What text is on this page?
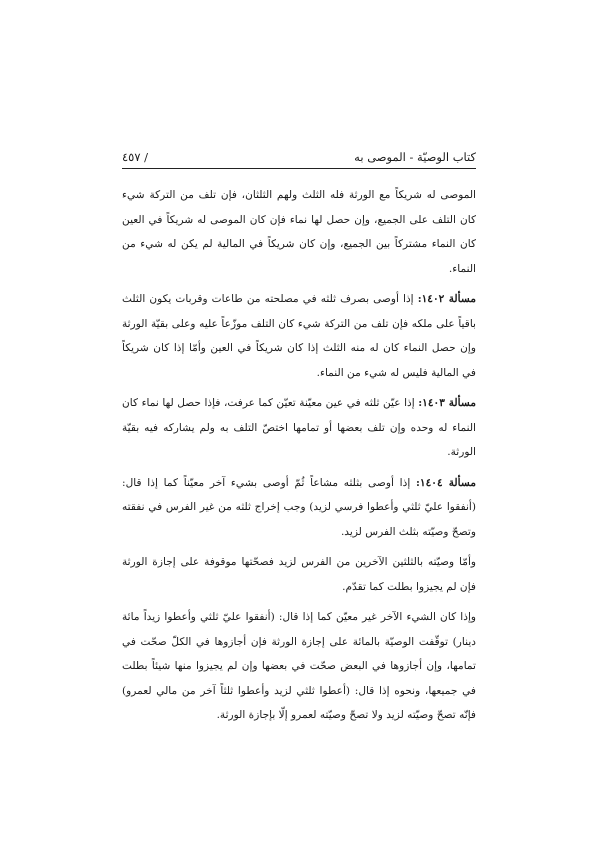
كتاب الوصيّة - الموصى به
/ ٤٥٧

الموصى له شريكاً مع الورثة فله الثلث ولهم الثلثان، فإن تلف من التركة شيء كان التلف على الجميع، وإن حصل لها نماء فإن كان الموصى له شريكاً في العين كان النماء مشتركاً بين الجميع، وإن كان شريكاً في المالية لم يكن له شيء من النماء.

مسألة ١٤٠٢: إذا أوصى بصرف ثلثه في مصلحته من طاعات وقربات يكون الثلث باقياً على ملكه فإن تلف من التركة شيء كان التلف موزّعاً عليه وعلى بقيّة الورثة وإن حصل النماء كان له منه الثلث إذا كان شريكاً في العين وأمّا إذا كان شريكاً في المالية فليس له شيء من النماء.

مسألة ١٤٠٣: إذا عيّن ثلثه في عين معيّنة تعيّن كما عرفت، فإذا حصل لها نماء كان النماء له وحده وإن تلف بعضها أو تمامها اختصّ التلف به ولم يشاركه فيه بقيّة الورثة.

مسألة ١٤٠٤: إذا أوصى بثلثه مشاعاً ثُمّ أوصى بشيء آخر معيّناً كما إذا قال: (أنفقوا عليّ ثلثي وأعطوا فرسي لزيد) وجب إخراج ثلثه من غير الفرس في نفقته وتصحّ وصيّته بثلث الفرس لزيد.

وأمّا وصيّته بالثلثين الآخرين من الفرس لزيد فصحّتها موقوفة على إجازة الورثة فإن لم يجيزوا بطلت كما تقدّم.

وإذا كان الشيء الآخر غير معيّن كما إذا قال: (أنفقوا عليّ ثلثي وأعطوا زيداً مائة دينار) توقّفت الوصيّة بالمائة على إجازة الورثة فإن أجازوها في الكلّ صحّت في تمامها، وإن أجازوها في البعض صحّت في بعضها وإن لم يجيزوا منها شيئاً بطلت في جميعها، ونحوه إذا قال: (أعطوا ثلثي لزيد وأعطوا ثلثاً آخر من مالي لعمرو) فإنّه تصحّ وصيّته لزيد ولا تصحّ وصيّته لعمرو إلّا بإجازة الورثة.
